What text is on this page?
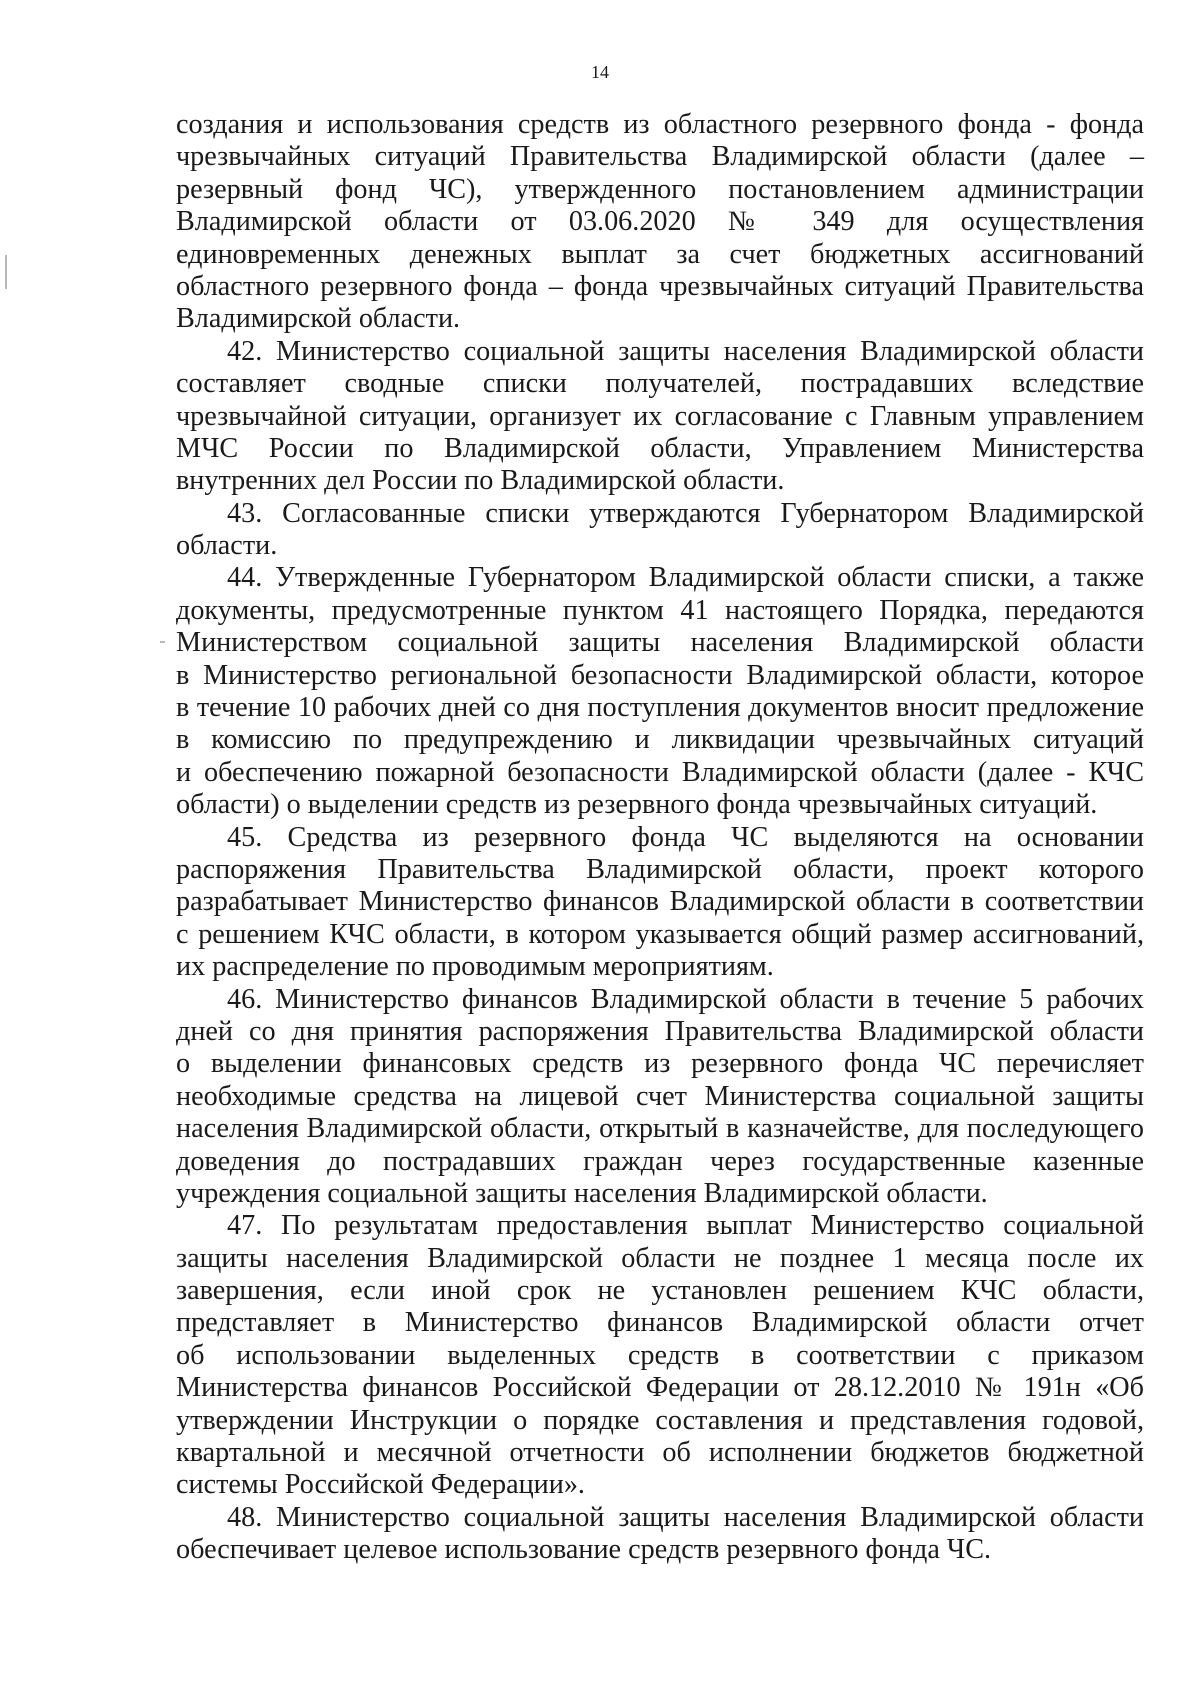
14
создания и использования средств из областного резервного фонда - фонда
чрезвычайных ситуаций Правительства Владимирской области (далее –
резервный фонд ЧС), утвержденного постановлением администрации
Владимирской области от 03.06.2020 № 349 для осуществления
единовременных денежных выплат за счет бюджетных ассигнований
областного резервного фонда – фонда чрезвычайных ситуаций Правительства
Владимирской области.
42. Министерство социальной защиты населения Владимирской области
составляет сводные списки получателей, пострадавших вследствие
чрезвычайной ситуации, организует их согласование с Главным управлением
МЧС России по Владимирской области, Управлением Министерства
внутренних дел России по Владимирской области.
43. Согласованные списки утверждаются Губернатором Владимирской
области.
44. Утвержденные Губернатором Владимирской области списки, а также
документы, предусмотренные пунктом 41 настоящего Порядка, передаются
Министерством социальной защиты населения Владимирской области
в Министерство региональной безопасности Владимирской области, которое
в течение 10 рабочих дней со дня поступления документов вносит предложение
в комиссию по предупреждению и ликвидации чрезвычайных ситуаций
и обеспечению пожарной безопасности Владимирской области (далее - КЧС
области) о выделении средств из резервного фонда чрезвычайных ситуаций.
45. Средства из резервного фонда ЧС выделяются на основании
распоряжения Правительства Владимирской области, проект которого
разрабатывает Министерство финансов Владимирской области в соответствии
с решением КЧС области, в котором указывается общий размер ассигнований,
их распределение по проводимым мероприятиям.
46. Министерство финансов Владимирской области в течение 5 рабочих
дней со дня принятия распоряжения Правительства Владимирской области
о выделении финансовых средств из резервного фонда ЧС перечисляет
необходимые средства на лицевой счет Министерства социальной защиты
населения Владимирской области, открытый в казначействе, для последующего
доведения до пострадавших граждан через государственные казенные
учреждения социальной защиты населения Владимирской области.
47. По результатам предоставления выплат Министерство социальной
защиты населения Владимирской области не позднее 1 месяца после их
завершения, если иной срок не установлен решением КЧС области,
представляет в Министерство финансов Владимирской области отчет
об использовании выделенных средств в соответствии с приказом
Министерства финансов Российской Федерации от 28.12.2010 № 191н «Об
утверждении Инструкции о порядке составления и представления годовой,
квартальной и месячной отчетности об исполнении бюджетов бюджетной
системы Российской Федерации».
48. Министерство социальной защиты населения Владимирской области
обеспечивает целевое использование средств резервного фонда ЧС.
